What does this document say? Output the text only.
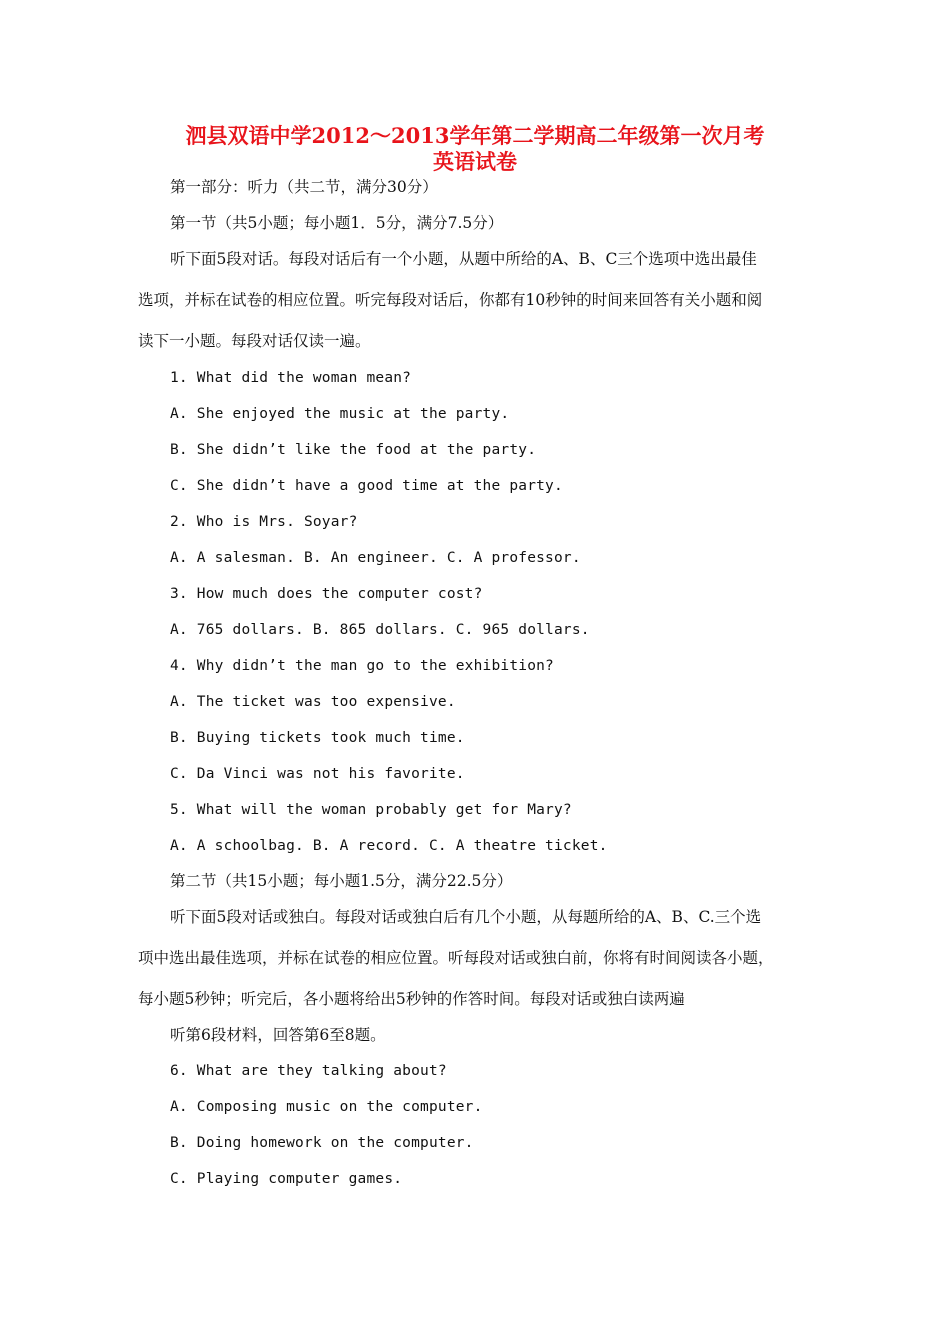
泗县双语中学2012～2013学年第二学期高二年级第一次月考
英语试卷
第一部分：听力（共二节，满分30分）
第一节（共5小题；每小题1．5分，满分7.5分）
听下面5段对话。每段对话后有一个小题，从题中所给的A、B、C三个选项中选出最佳
选项，并标在试卷的相应位置。听完每段对话后，你都有10秒钟的时间来回答有关小题和阅
读下一小题。每段对话仅读一遍。
1. What did the woman mean?
A. She enjoyed the music at the party.
B. She didn’t like the food at the party.
C. She didn’t have a good time at the party.
2. Who is Mrs. Soyar?
A. A salesman. B. An engineer. C. A professor.
3. How much does the computer cost?
A. 765 dollars. B. 865 dollars. C. 965 dollars.
4. Why didn’t the man go to the exhibition?
A. The ticket was too expensive.
B. Buying tickets took much time.
C. Da Vinci was not his favorite.
5. What will the woman probably get for Mary?
A. A schoolbag. B. A record. C. A theatre ticket.
第二节（共15小题；每小题1.5分，满分22.5分）
听下面5段对话或独白。每段对话或独白后有几个小题，从每题所给的A、B、C.三个选
项中选出最佳选项，并标在试卷的相应位置。听每段对话或独白前，你将有时间阅读各小题，
每小题5秒钟；听完后，各小题将给出5秒钟的作答时间。每段对话或独白读两遍
听第6段材料，回答第6至8题。
6. What are they talking about?
A. Composing music on the computer.
B. Doing homework on the computer.
C. Playing computer games.
